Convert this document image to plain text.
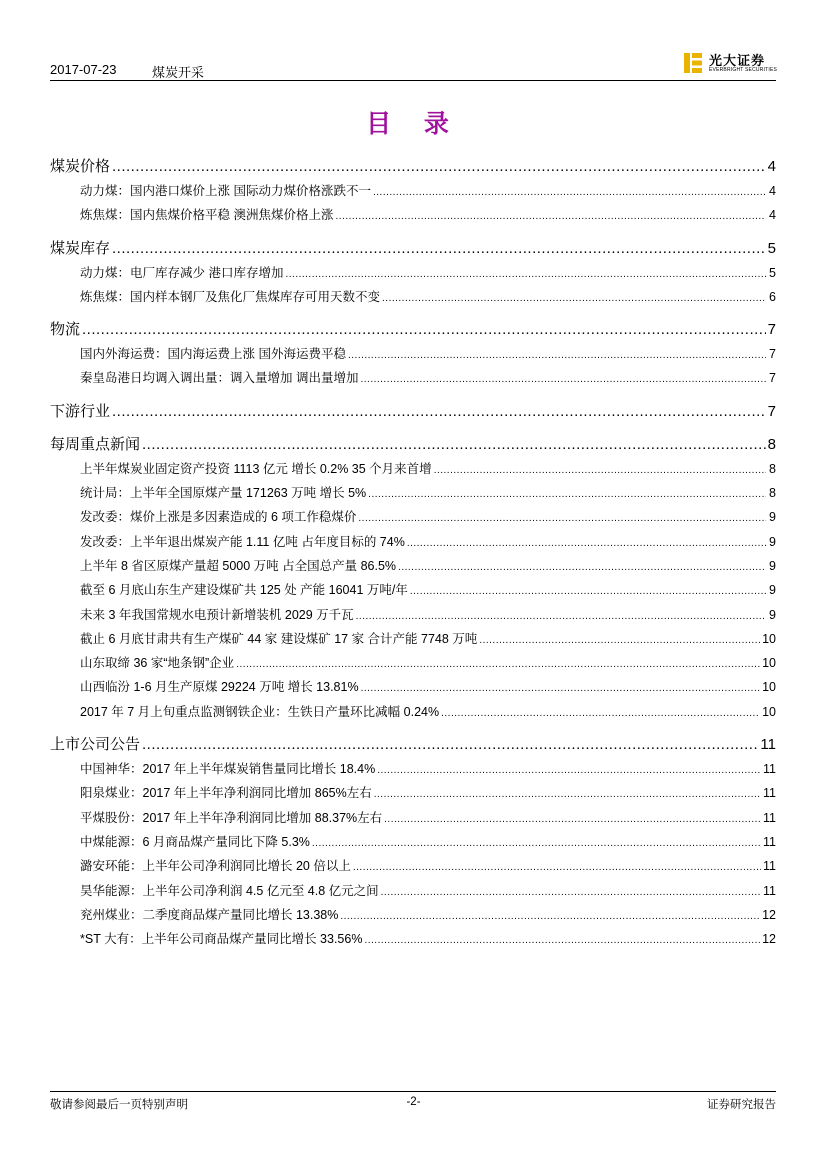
2017-07-23	煤炭开采
光大证券
EVERBRIGHT SECURITIES
目 录
煤炭价格 .....	4
动力煤：国内港口煤价上涨 国际动力煤价格涨跌不一 .....	4
炼焦煤：国内焦煤价格平稳 澳洲焦煤价格上涨 .....	4
煤炭库存 .....	5
动力煤：电厂库存减少 港口库存增加 .....	5
炼焦煤：国内样本钢厂及焦化厂焦煤库存可用天数不变 .....	6
物流 .....	7
国内外海运费：国内海运费上涨 国外海运费平稳 .....	7
秦皇岛港日均调入调出量：调入量增加 调出量增加 .....	7
下游行业 .....	7
每周重点新闻 .....	8
上半年煤炭业固定资产投资 1113 亿元 增长 0.2% 35 个月来首增 .....	8
统计局：上半年全国原煤产量 171263 万吨 增长 5% .....	8
发改委：煤价上涨是多因素造成的 6 项工作稳煤价 .....	9
发改委：上半年退出煤炭产能 1.11 亿吨 占年度目标的 74% .....	9
上半年 8 省区原煤产量超 5000 万吨 占全国总产量 86.5% .....	9
截至 6 月底山东生产建设煤矿共 125 处 产能 16041 万吨/年 .....	9
未来 3 年我国常规水电预计新增装机 2029 万千瓦 .....	9
截止 6 月底甘肃共有生产煤矿 44 家 建设煤矿 17 家 合计产能 7748 万吨 .....	10
山东取缔 36 家“地条钢”企业 .....	10
山西临汾 1-6 月生产原煤 29224 万吨 增长 13.81% .....	10
2017 年 7 月上旬重点监测钢铁企业：生铁日产量环比减幅 0.24% .....	10
上市公司公告 .....	11
中国神华：2017 年上半年煤炭销售量同比增长 18.4% .....	11
阳泉煤业：2017 年上半年净利润同比增加 865%左右 .....	11
平煤股份：2017 年上半年净利润同比增加 88.37%左右 .....	11
中煤能源：6 月商品煤产量同比下降 5.3% .....	11
潞安环能：上半年公司净利润同比增长 20 倍以上 .....	11
昊华能源：上半年公司净利润 4.5 亿元至 4.8 亿元之间 .....	11
兖州煤业：二季度商品煤产量同比增长 13.38% .....	12
*ST 大有：上半年公司商品煤产量同比增长 33.56% .....	12
敬请参阅最后一页特别声明	-2-	证券研究报告
